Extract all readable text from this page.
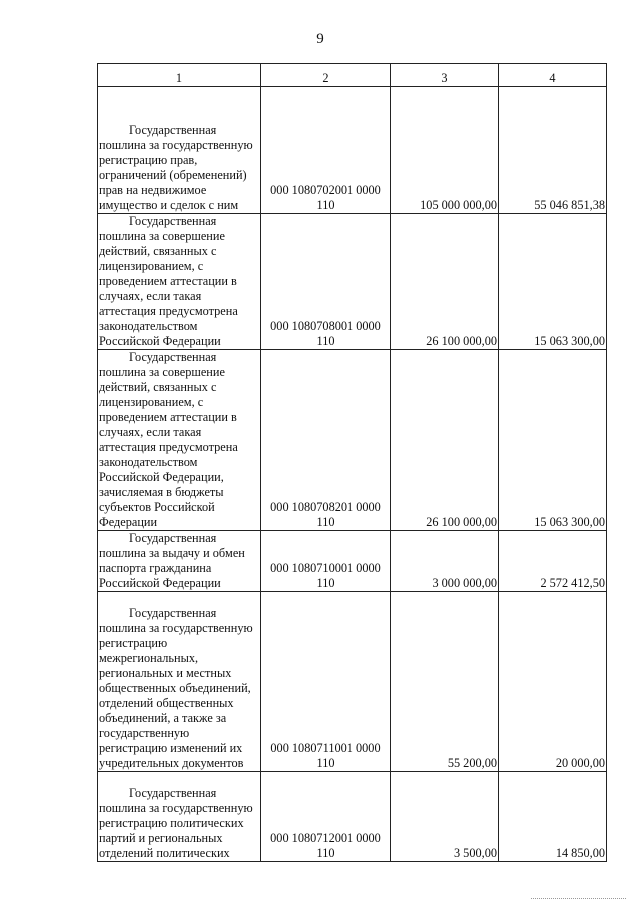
9
1	2	3	4

Государственная пошлина за государственную регистрацию прав, ограничений (обременений) прав на недвижимое имущество и сделок с ним	000 1080702001 0000 110	105 000 000,00	55 046 851,38

Государственная пошлина за совершение действий, связанных с лицензированием, с проведением аттестации в случаях, если такая аттестация предусмотрена законодательством Российской Федерации	000 1080708001 0000 110	26 100 000,00	15 063 300,00

Государственная пошлина за совершение действий, связанных с лицензированием, с проведением аттестации в случаях, если такая аттестация предусмотрена законодательством Российской Федерации, зачисляемая в бюджеты субъектов Российской Федерации	000 1080708201 0000 110	26 100 000,00	15 063 300,00

Государственная пошлина за выдачу и обмен паспорта гражданина Российской Федерации	000 1080710001 0000 110	3 000 000,00	2 572 412,50

Государственная пошлина за государственную регистрацию межрегиональных, региональных и местных общественных объединений, отделений общественных объединений, а также за государственную регистрацию изменений их учредительных документов	000 1080711001 0000 110	55 200,00	20 000,00

Государственная пошлина за государственную регистрацию политических партий и региональных отделений политических	000 1080712001 0000 110	3 500,00	14 850,00
